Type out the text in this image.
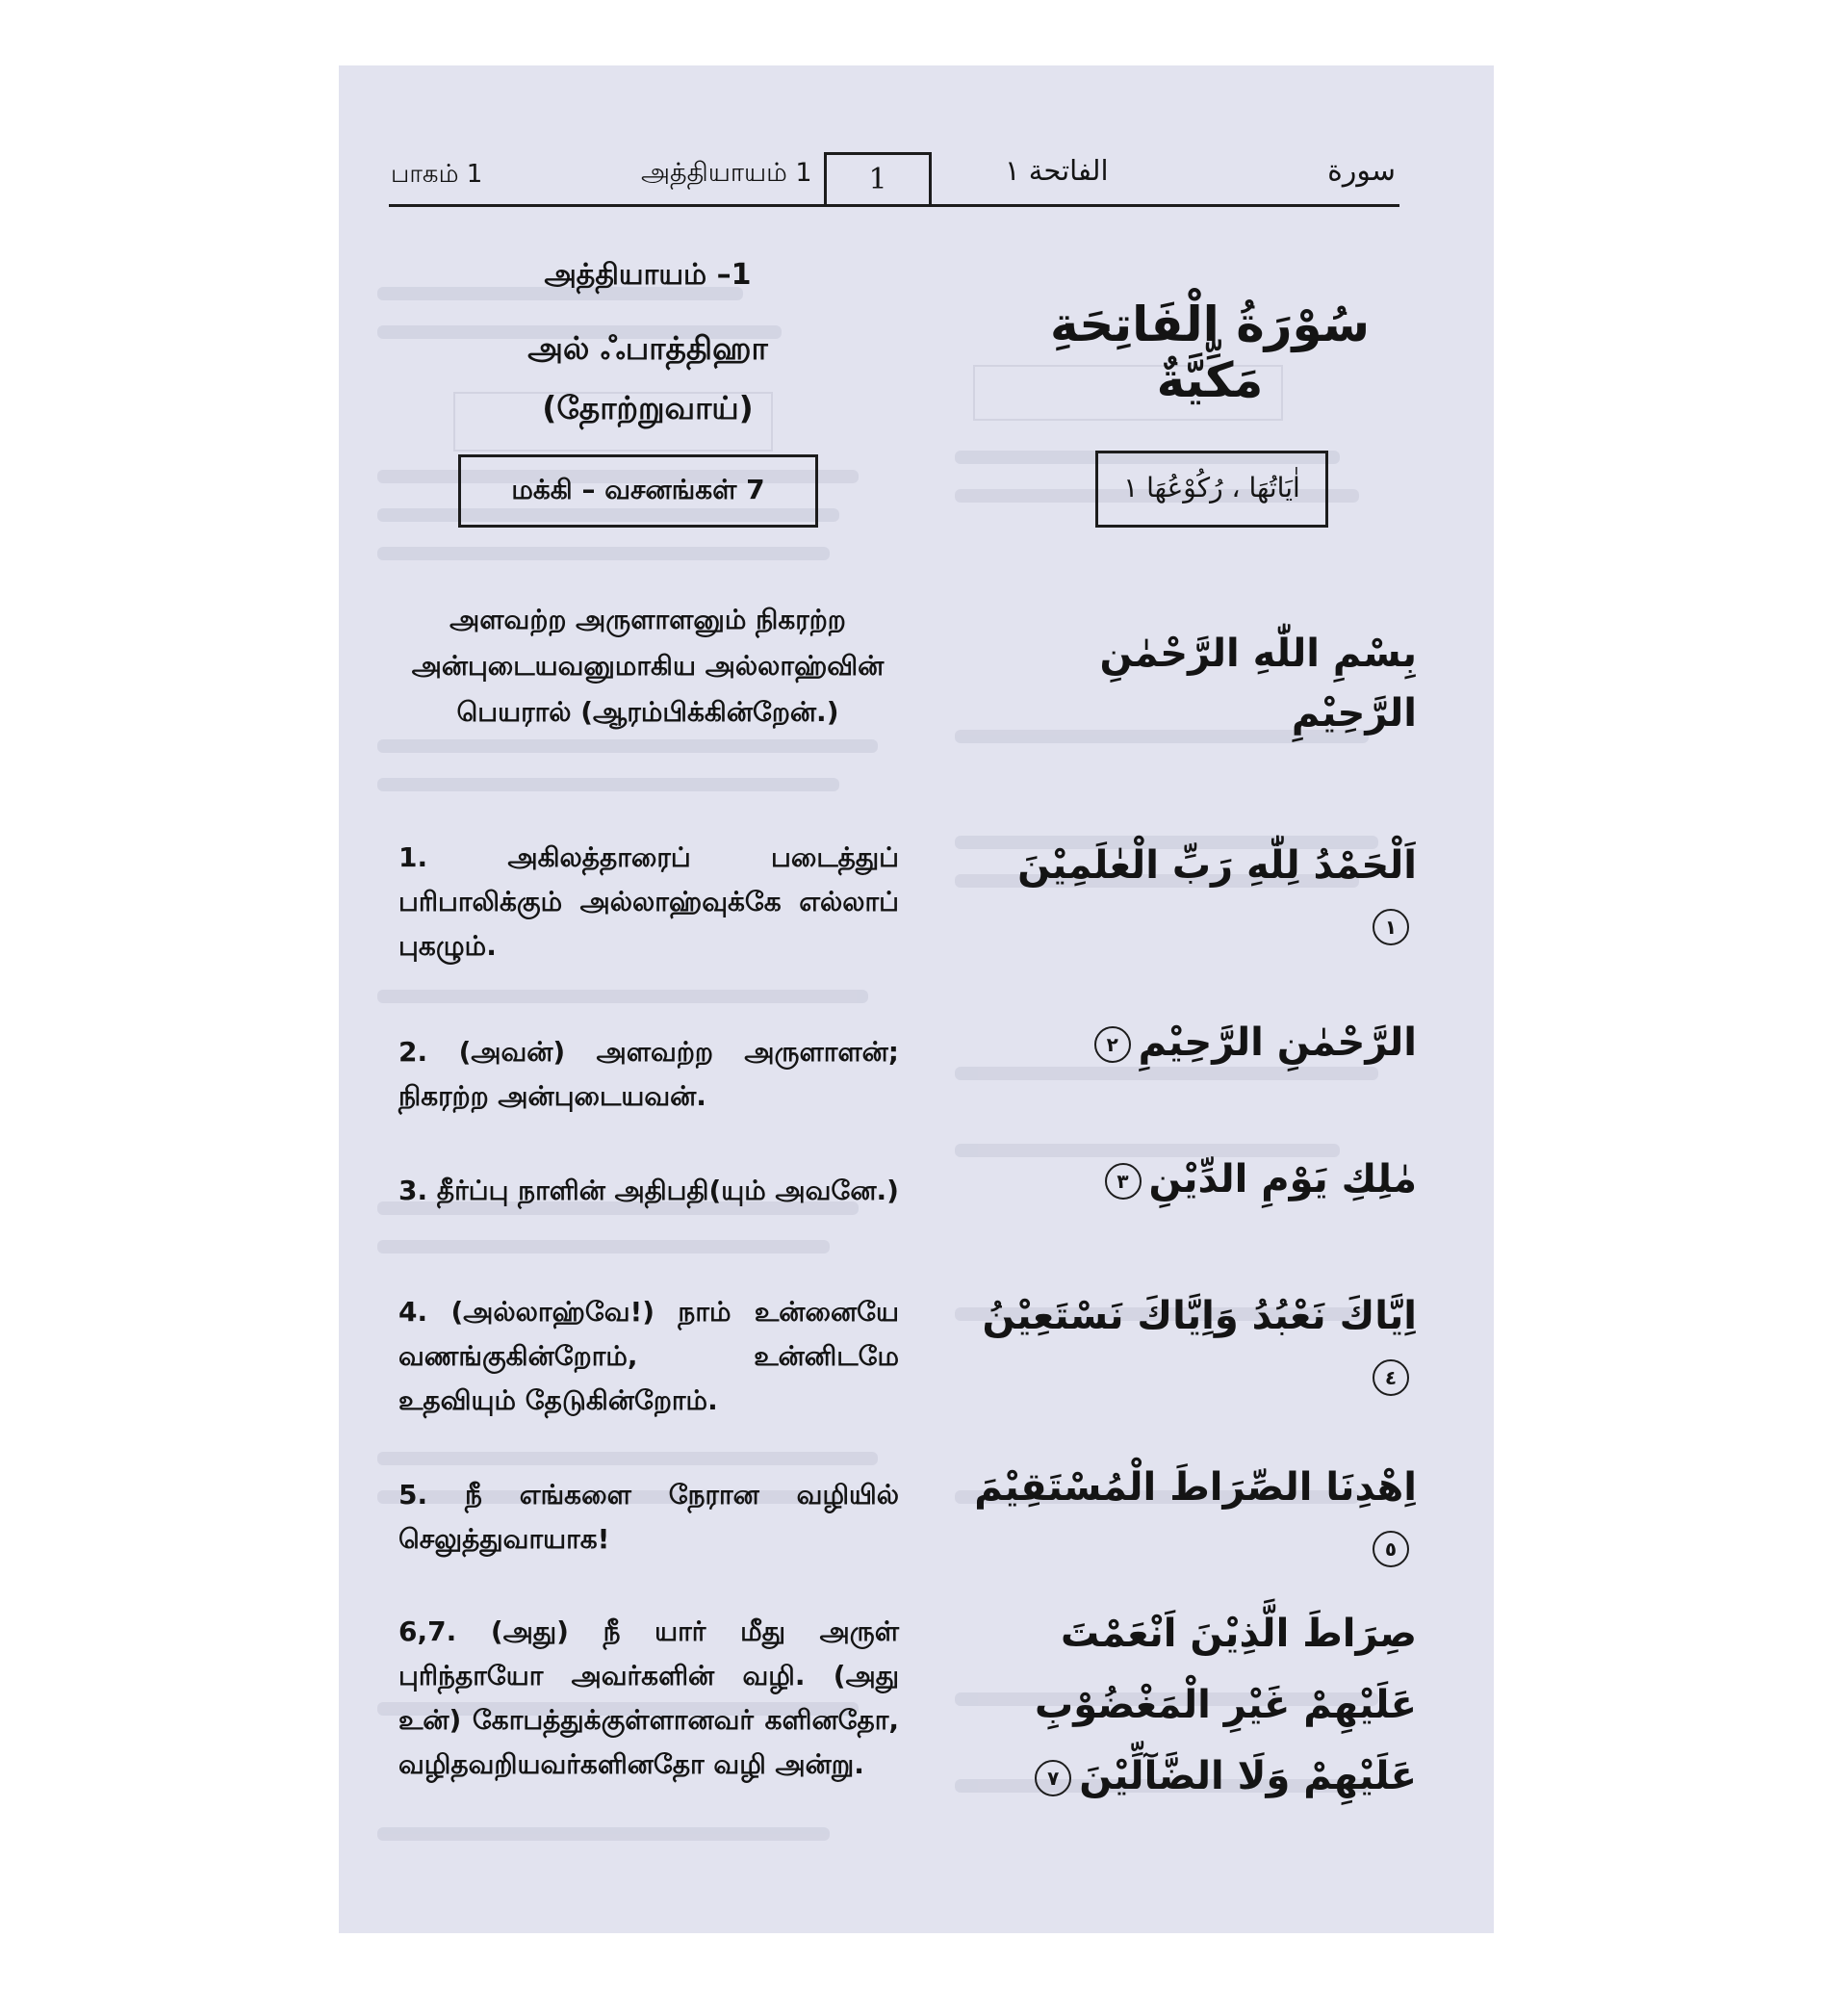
பாகம் 1	அத்தியாயம் 1	1	الفاتحة ١	سورة
அத்தியாயம் –1
அல் ஃபாத்திஹா
(தோற்றுவாய்)
மக்கி – வசனங்கள் 7
அளவற்ற அருளாளனும் நிகரற்ற
அன்புடையவனுமாகிய அல்லாஹ்வின்
பெயரால் (ஆரம்பிக்கின்றேன்.)
1. அகிலத்தாரைப் படைத்துப் பரிபாலிக்கும் அல்லாஹ்வுக்கே எல்லாப் புகழும்.
2. (அவன்) அளவற்ற அருளாளன்; நிகரற்ற அன்புடையவன்.
3. தீர்ப்பு நாளின் அதிபதி(யும் அவனே.)
4. (அல்லாஹ்வே!) நாம் உன்னையே வணங்குகின்றோம், உன்னிடமே உதவியும் தேடுகின்றோம்.
5. நீ எங்களை நேரான வழியில் செலுத்துவாயாக!
6,7. (அது) நீ யார் மீது அருள் புரிந்தாயோ அவர்களின் வழி. (அது உன்) கோபத்துக்குள்ளானவர் களினதோ, வழிதவறியவர்களினதோ வழி அன்று.
سُوْرَةُ الْفَاتِحَةِ مَكِّيَّةٌ
اٰيَاتُهَا ، رُكُوْعُهَا ١
بِسْمِ اللّٰهِ الرَّحْمٰنِ الرَّحِيْمِ
اَلْحَمْدُ لِلّٰهِ رَبِّ الْعٰلَمِيْنَ١
الرَّحْمٰنِ الرَّحِيْمِ٢
مٰلِكِ يَوْمِ الدِّيْنِ٣
اِيَّاكَ نَعْبُدُ وَاِيَّاكَ نَسْتَعِيْنُ٤
اِهْدِنَا الصِّرَاطَ الْمُسْتَقِيْمَ٥
صِرَاطَ الَّذِيْنَ اَنْعَمْتَ عَلَيْهِمْ غَيْرِ الْمَغْضُوْبِ عَلَيْهِمْ وَلَا الضَّآلِّيْنَ٧
